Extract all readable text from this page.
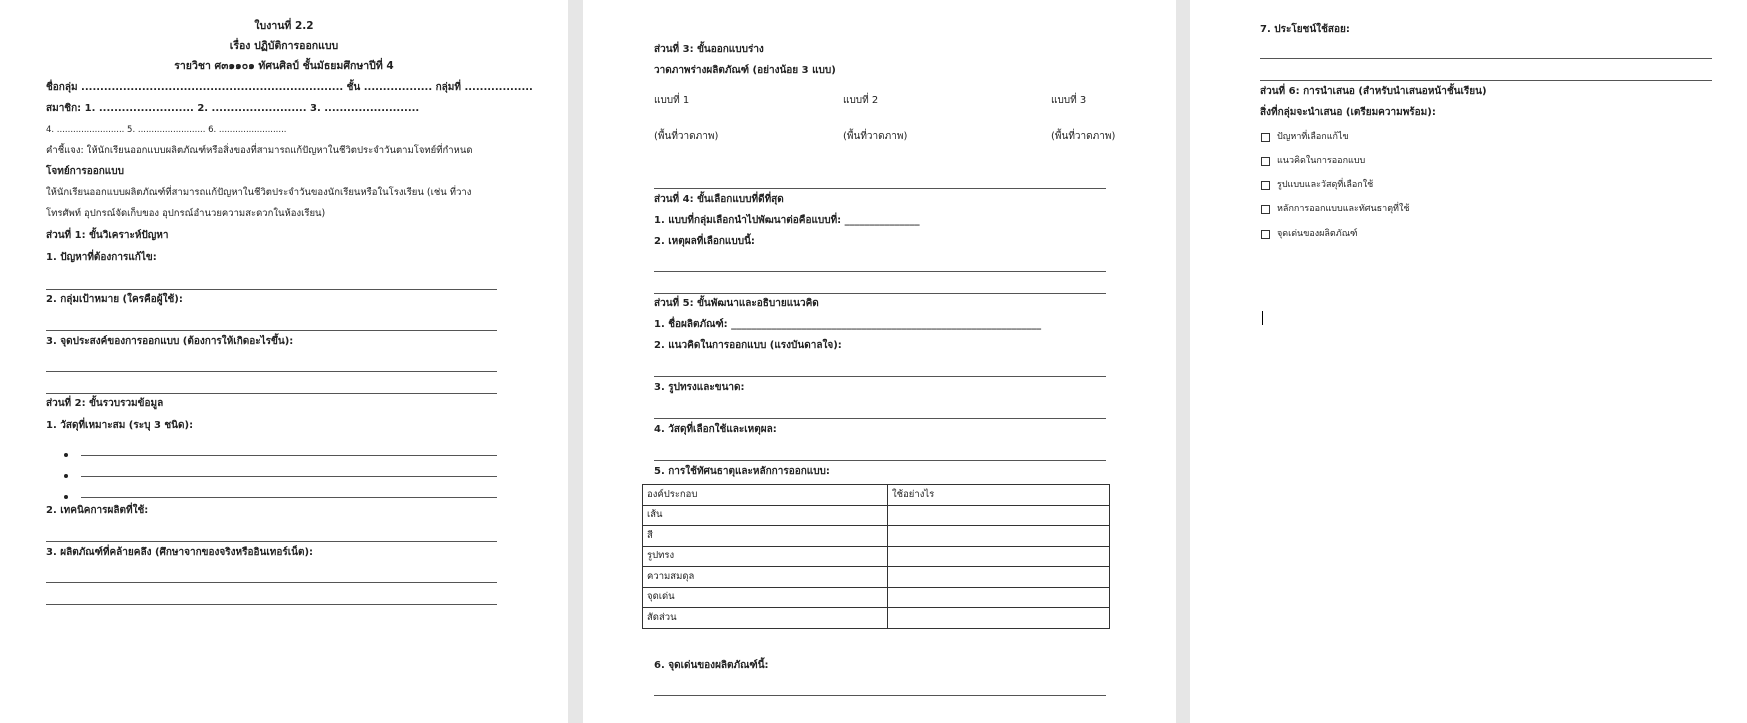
ใบงานที่ 2.2
เรื่อง ปฏิบัติการออกแบบ
รายวิชา ศ๓๑๑๐๑ ทัศนศิลป์ ชั้นมัธยมศึกษาปีที่ 4
ชื่อกลุ่ม ..................................................................... ชั้น .................. กลุ่มที่ ..................
สมาชิก: 1. ......................... 2. ......................... 3. .........................
4. ......................... 5. ......................... 6. .........................
คำชี้แจง: ให้นักเรียนออกแบบผลิตภัณฑ์หรือสิ่งของที่สามารถแก้ปัญหาในชีวิตประจำวันตามโจทย์ที่กำหนด
โจทย์การออกแบบ
ให้นักเรียนออกแบบผลิตภัณฑ์ที่สามารถแก้ปัญหาในชีวิตประจำวันของนักเรียนหรือในโรงเรียน (เช่น ที่วาง
โทรศัพท์ อุปกรณ์จัดเก็บของ อุปกรณ์อำนวยความสะดวกในห้องเรียน)
ส่วนที่ 1: ขั้นวิเคราะห์ปัญหา
1. ปัญหาที่ต้องการแก้ไข:
2. กลุ่มเป้าหมาย (ใครคือผู้ใช้):
3. จุดประสงค์ของการออกแบบ (ต้องการให้เกิดอะไรขึ้น):
ส่วนที่ 2: ขั้นรวบรวมข้อมูล
1. วัสดุที่เหมาะสม (ระบุ 3 ชนิด):
2. เทคนิคการผลิตที่ใช้:
3. ผลิตภัณฑ์ที่คล้ายคลึง (ศึกษาจากของจริงหรืออินเทอร์เน็ต):
ส่วนที่ 3: ขั้นออกแบบร่าง
วาดภาพร่างผลิตภัณฑ์ (อย่างน้อย 3 แบบ)
แบบที่ 1	แบบที่ 2	แบบที่ 3
(พื้นที่วาดภาพ)	(พื้นที่วาดภาพ)	(พื้นที่วาดภาพ)
ส่วนที่ 4: ขั้นเลือกแบบที่ดีที่สุด
1. แบบที่กลุ่มเลือกนำไปพัฒนาต่อคือแบบที่: _______________
2. เหตุผลที่เลือกแบบนี้:
ส่วนที่ 5: ขั้นพัฒนาและอธิบายแนวคิด
1. ชื่อผลิตภัณฑ์: ______________________________________________________________
2. แนวคิดในการออกแบบ (แรงบันดาลใจ):
3. รูปทรงและขนาด:
4. วัสดุที่เลือกใช้และเหตุผล:
5. การใช้ทัศนธาตุและหลักการออกแบบ:
องค์ประกอบ	ใช้อย่างไร
เส้น	
สี	
รูปทรง	
ความสมดุล	
จุดเด่น	
สัดส่วน	
6. จุดเด่นของผลิตภัณฑ์นี้:
7. ประโยชน์ใช้สอย:
ส่วนที่ 6: การนำเสนอ (สำหรับนำเสนอหน้าชั้นเรียน)
สิ่งที่กลุ่มจะนำเสนอ (เตรียมความพร้อม):
ปัญหาที่เลือกแก้ไข
แนวคิดในการออกแบบ
รูปแบบและวัสดุที่เลือกใช้
หลักการออกแบบและทัศนธาตุที่ใช้
จุดเด่นของผลิตภัณฑ์
